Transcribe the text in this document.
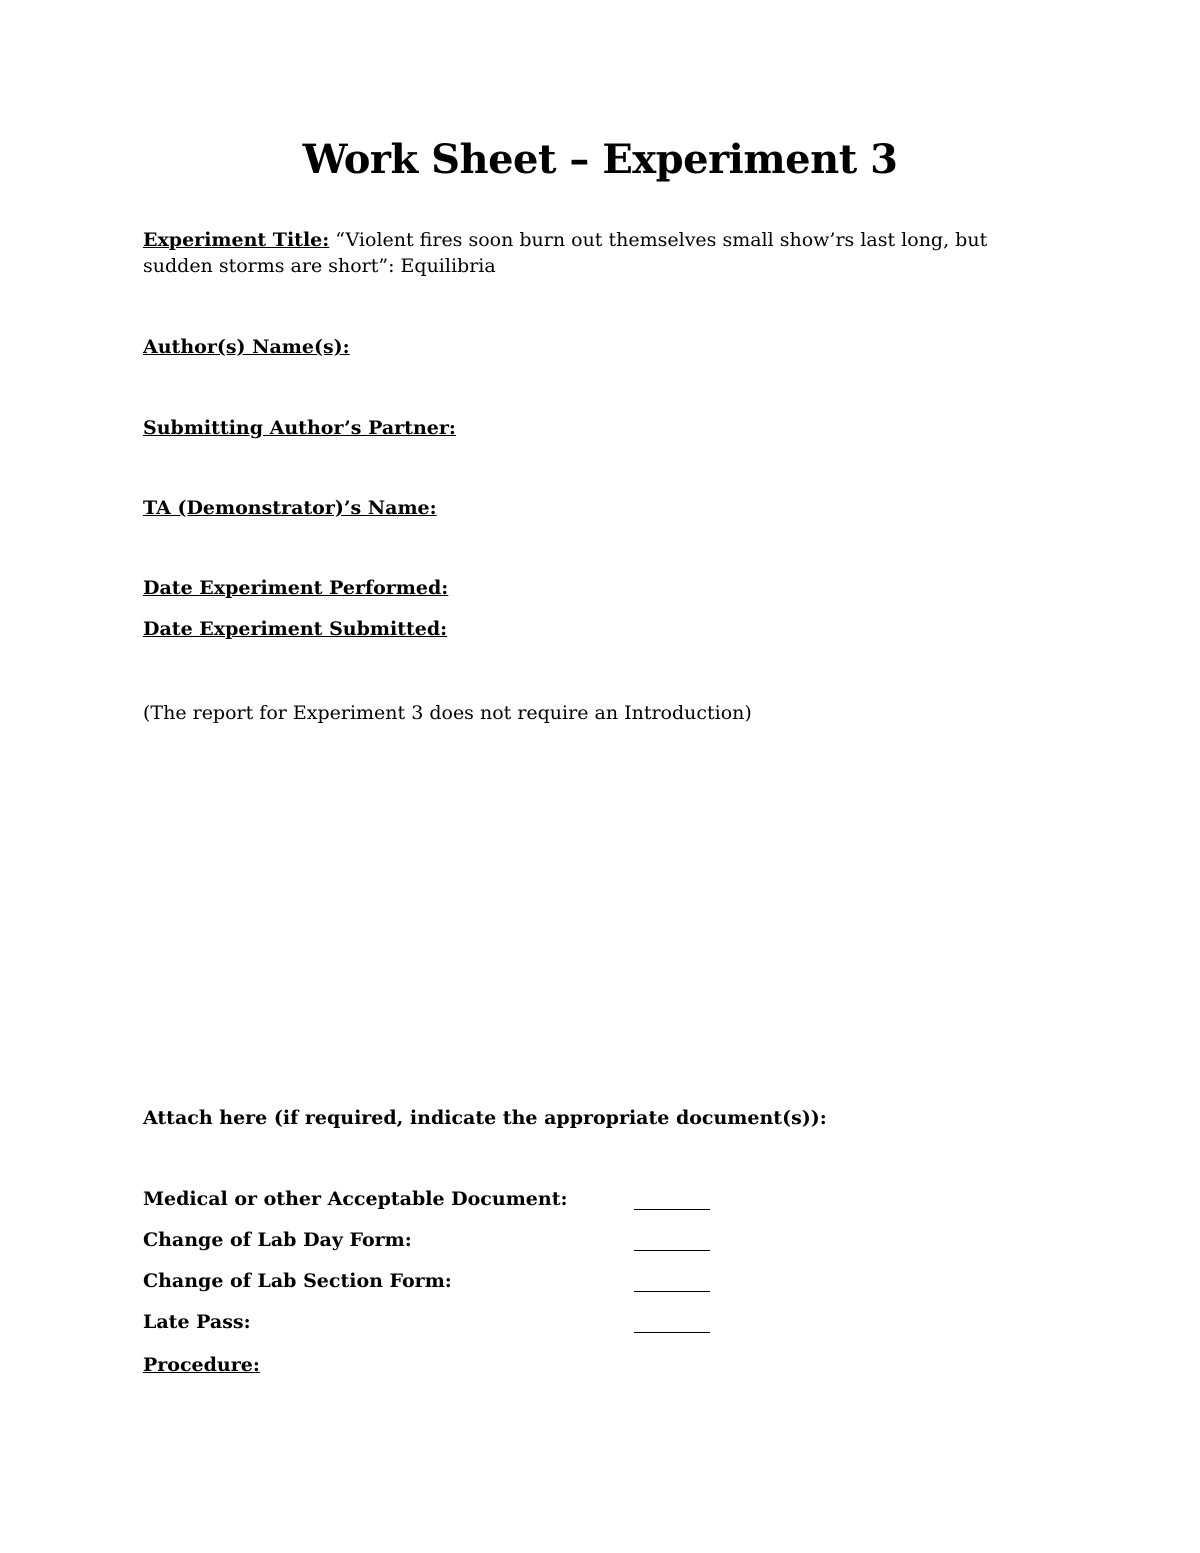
Work Sheet – Experiment 3
Experiment Title: “Violent fires soon burn out themselves small show’rs last long, but sudden storms are short”: Equilibria
Author(s) Name(s):
Submitting Author’s Partner:
TA (Demonstrator)’s Name:
Date Experiment Performed:
Date Experiment Submitted:
(The report for Experiment 3 does not require an Introduction)
Attach here (if required, indicate the appropriate document(s)):
Medical or other Acceptable Document:
Change of Lab Day Form:
Change of Lab Section Form:
Late Pass:
Procedure:
